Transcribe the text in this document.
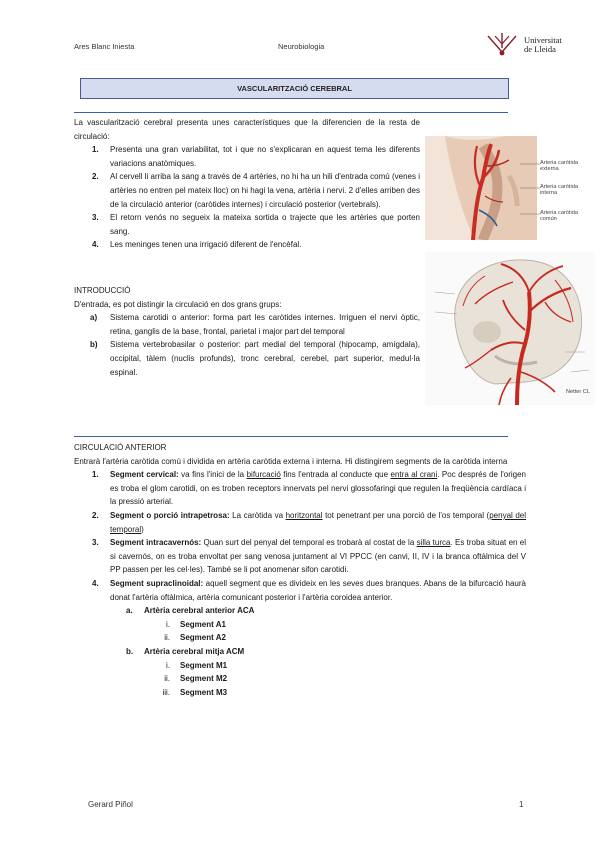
Ares Blanc Iniesta	Neurobiologia
Universitat
de Lleida
VASCULARITZACIÓ CEREBRAL
La vascularització cerebral presenta unes característiques que la diferencien de la resta de circulació:
1. Presenta una gran variabilitat, tot i que no s'explicaran en aquest tema les diferents variacions anatòmiques.
2. Al cervell li arriba la sang a través de 4 artèries, no hi ha un hili d'entrada comú (venes i artèries no entren pel mateix lloc) on hi hagi la vena, artèria i nervi. 2 d'elles arriben des de la circulació anterior (caròtides internes) i circulació posterior (vertebrals).
3. El retorn venós no segueix la mateixa sortida o trajecte que les artèries que porten sang.
4. Les meninges tenen una irrigació diferent de l'encèfal.
Arteria carótida externa
Arteria carótida interna
Arteria carótida común
INTRODUCCIÓ
D'entrada, es pot distingir la circulació en dos grans grups:
a) Sistema carotidi o anterior: forma part les caròtides internes. Irriguen el nervi òptic, retina, ganglis de la base, frontal, parietal i major part del temporal
b) Sistema vertebrobasilar o posterior: part medial del temporal (hipocamp, amígdala), occipital, tàlem (nuclis profunds), tronc cerebral, cerebel, part superior, medul·la espinal.
Netter CL
CIRCULACIÓ ANTERIOR
Entrarà l'artèria caròtida comú i dividida en artèria caròtida externa i interna. Hi distingirem segments de la caròtida interna
1. Segment cervical: va fins l'inici de la bifurcació fins l'entrada al conducte que entra al crani. Poc després de l'origen es troba el glom carotidi, on es troben receptors innervats pel nervi glossofaringi que regulen la freqüència cardíaca i la pressió arterial.
2. Segment o porció intrapetrosa: La caròtida va horitzontal tot penetrant per una porció de l'os temporal (penyal del temporal)
3. Segment intracavernós: Quan surt del penyal del temporal es trobarà al costat de la silla turca. Es troba situat en el si cavernós, on es troba envoltat per sang venosa juntament al VI PPCC (en canvi, II, IV i la branca oftàlmica del V PP passen per les cel·les). També se li pot anomenar sifon carotidi.
4. Segment supraclinoidal: aquell segment que es divideix en les seves dues branques. Abans de la bifurcació haurà donat l'artèria oftàlmica, artèria comunicant posterior i l'artèria coroidea anterior.
a. Artèria cerebral anterior ACA
i. Segment A1
ii. Segment A2
b. Artèria cerebral mitja ACM
i. Segment M1
ii. Segment M2
iii. Segment M3
Gerard Piñol	1
